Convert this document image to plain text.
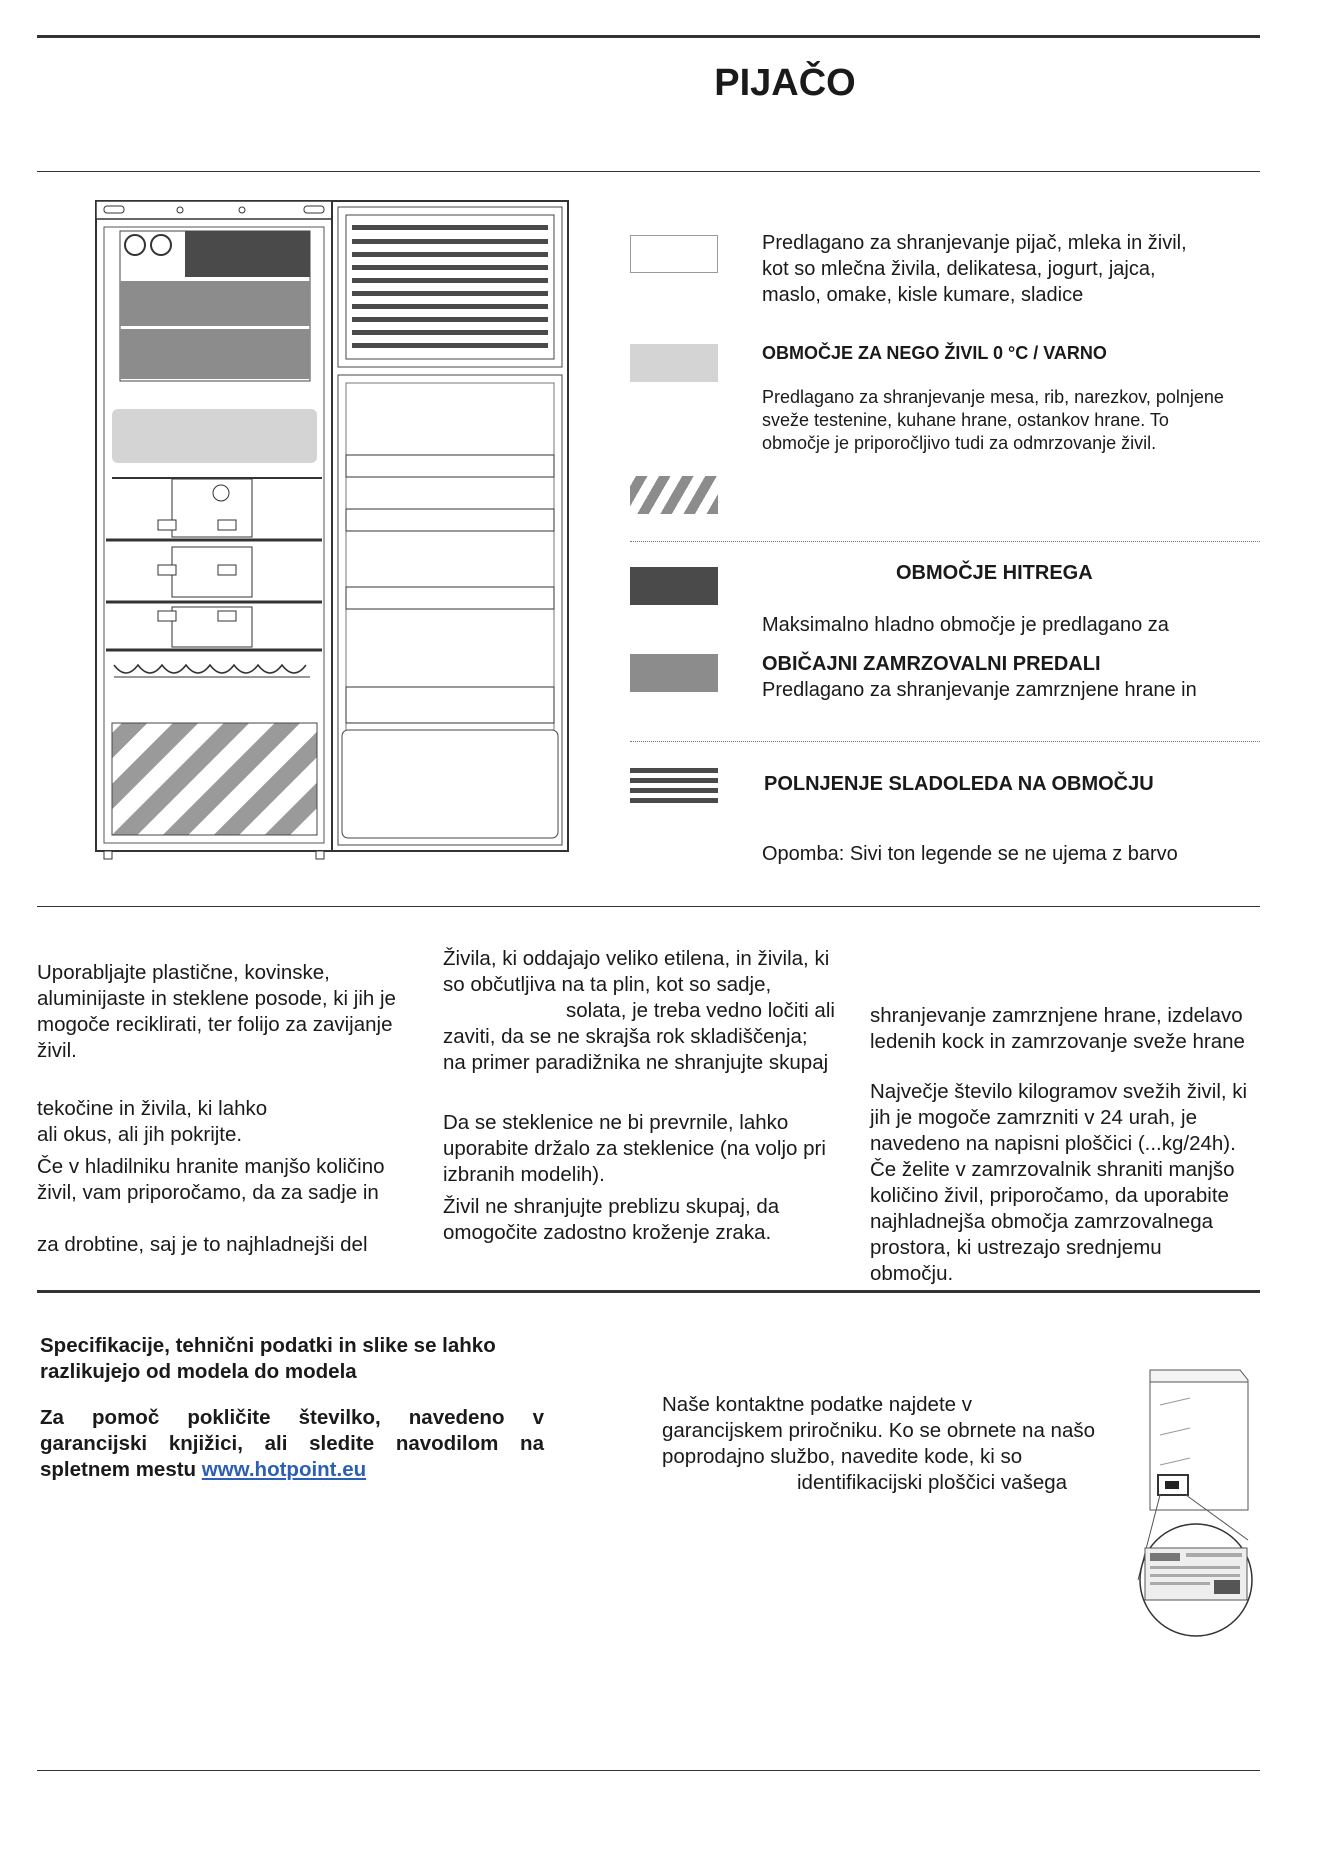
PIJAČO
Predlagano za shranjevanje pijač, mleka in živil,
kot so mlečna živila, delikatesa, jogurt, jajca,
maslo, omake, kisle kumare, sladice
OBMOČJE ZA NEGO ŽIVIL 0 °C / VARNO
Predlagano za shranjevanje mesa, rib, narezkov, polnjene
sveže testenine, kuhane hrane, ostankov hrane. To
območje je priporočljivo tudi za odmrzovanje živil.
OBMOČJE HITREGA
Maksimalno hladno območje je predlagano za
OBIČAJNI ZAMRZOVALNI PREDALI
Predlagano za shranjevanje zamrznjene hrane in
POLNJENJE SLADOLEDA NA OBMOČJU
Opomba: Sivi ton legende se ne ujema z barvo

Uporabljajte plastične, kovinske,

aluminijaste in steklene posode, ki jih je

mogoče reciklirati, ter folijo za zavijanje

živil.

tekočine in živila, ki lahko

ali okus, ali jih pokrijte.

Če v hladilniku hranite manjšo količino

živil, vam priporočamo, da za sadje in

za drobtine, saj je to najhladnejši del

Živila, ki oddajajo veliko etilena, in živila, ki

so občutljiva na ta plin, kot so sadje,

solata, je treba vedno ločiti ali

zaviti, da se ne skrajša rok skladiščenja;

na primer paradižnika ne shranjujte skupaj

Da se steklenice ne bi prevrnile, lahko

uporabite držalo za steklenice (na voljo pri

izbranih modelih).

Živil ne shranjujte preblizu skupaj, da

omogočite zadostno kroženje zraka.

shranjevanje zamrznjene hrane, izdelavo

ledenih kock in zamrzovanje sveže hrane

Največje število kilogramov svežih živil, ki

jih je mogoče zamrzniti v 24 urah, je

navedeno na napisni ploščici (...kg/24h).

Če želite v zamrzovalnik shraniti manjšo

količino živil, priporočamo, da uporabite

najhladnejša območja zamrzovalnega

prostora, ki ustrezajo srednjemu

območju.

Specifikacije, tehnični podatki in slike se lahko

razlikujejo od modela do modela

Za pomoč pokličite številko, navedeno v
garancijski knjižici, ali sledite navodilom na
spletnem mestu www.hotpoint.eu

Naše kontaktne podatke najdete v

garancijskem priročniku. Ko se obrnete na našo

poprodajno službo, navedite kode, ki so

identifikacijski ploščici vašega
